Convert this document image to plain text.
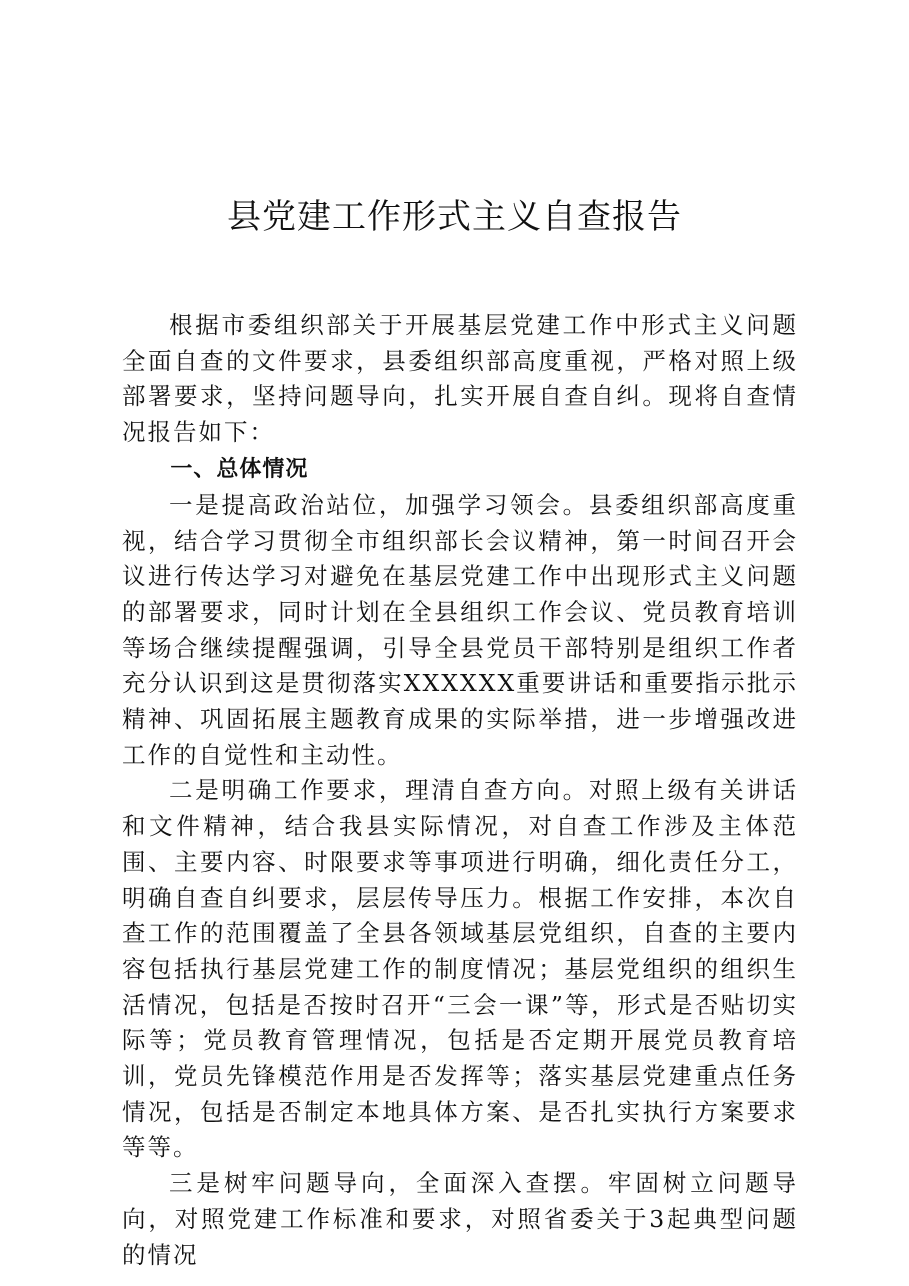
县党建工作形式主义自查报告

根据市委组织部关于开展基层党建工作中形式主义问题全面自查的文件要求，县委组织部高度重视，严格对照上级部署要求，坚持问题导向，扎实开展自查自纠。现将自查情况报告如下：

一、总体情况

一是提高政治站位，加强学习领会。县委组织部高度重视，结合学习贯彻全市组织部长会议精神，第一时间召开会议进行传达学习对避免在基层党建工作中出现形式主义问题的部署要求，同时计划在全县组织工作会议、党员教育培训等场合继续提醒强调，引导全县党员干部特别是组织工作者充分认识到这是贯彻落实XXXXXX重要讲话和重要指示批示精神、巩固拓展主题教育成果的实际举措，进一步增强改进工作的自觉性和主动性。

二是明确工作要求，理清自查方向。对照上级有关讲话和文件精神，结合我县实际情况，对自查工作涉及主体范围、主要内容、时限要求等事项进行明确，细化责任分工，明确自查自纠要求，层层传导压力。根据工作安排，本次自查工作的范围覆盖了全县各领域基层党组织，自查的主要内容包括执行基层党建工作的制度情况；基层党组织的组织生活情况，包括是否按时召开“三会一课”等，形式是否贴切实际等；党员教育管理情况，包括是否定期开展党员教育培训，党员先锋模范作用是否发挥等；落实基层党建重点任务情况，包括是否制定本地具体方案、是否扎实执行方案要求等等。

三是树牢问题导向，全面深入查摆。牢固树立问题导向，对照党建工作标准和要求，对照省委关于3起典型问题的情况
